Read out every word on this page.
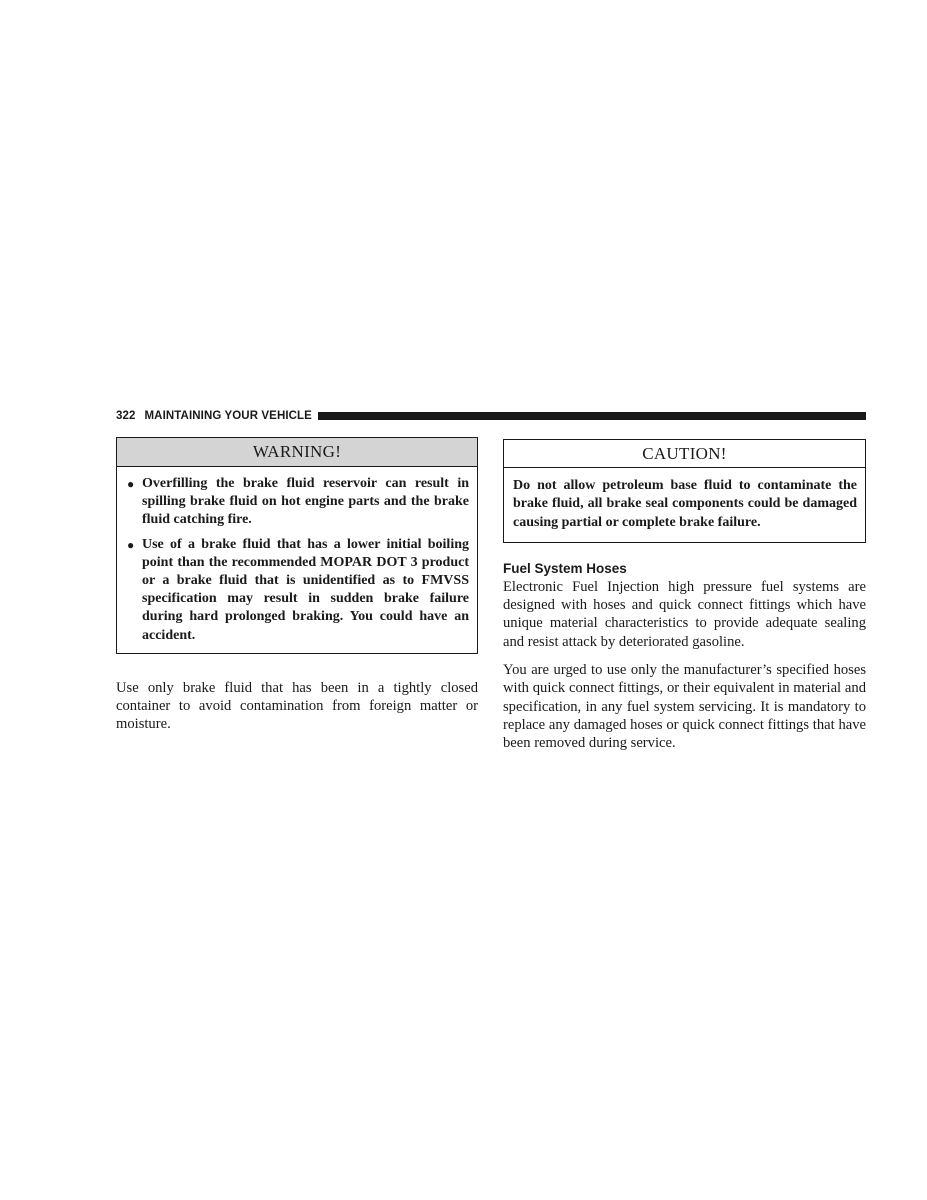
322 MAINTAINING YOUR VEHICLE
WARNING!
● Overfilling the brake fluid reservoir can result in spilling brake fluid on hot engine parts and the brake fluid catching fire.
● Use of a brake fluid that has a lower initial boiling point than the recommended MOPAR DOT 3 product or a brake fluid that is unidentified as to FMVSS specification may result in sudden brake failure during hard prolonged braking. You could have an accident.

Use only brake fluid that has been in a tightly closed container to avoid contamination from foreign matter or moisture.

CAUTION!
Do not allow petroleum base fluid to contaminate the brake fluid, all brake seal components could be damaged causing partial or complete brake failure.
Fuel System Hoses

Electronic Fuel Injection high pressure fuel systems are designed with hoses and quick connect fittings which have unique material characteristics to provide adequate sealing and resist attack by deteriorated gasoline.

You are urged to use only the manufacturer’s specified hoses with quick connect fittings, or their equivalent in material and specification, in any fuel system servicing. It is mandatory to replace any damaged hoses or quick connect fittings that have been removed during service.
